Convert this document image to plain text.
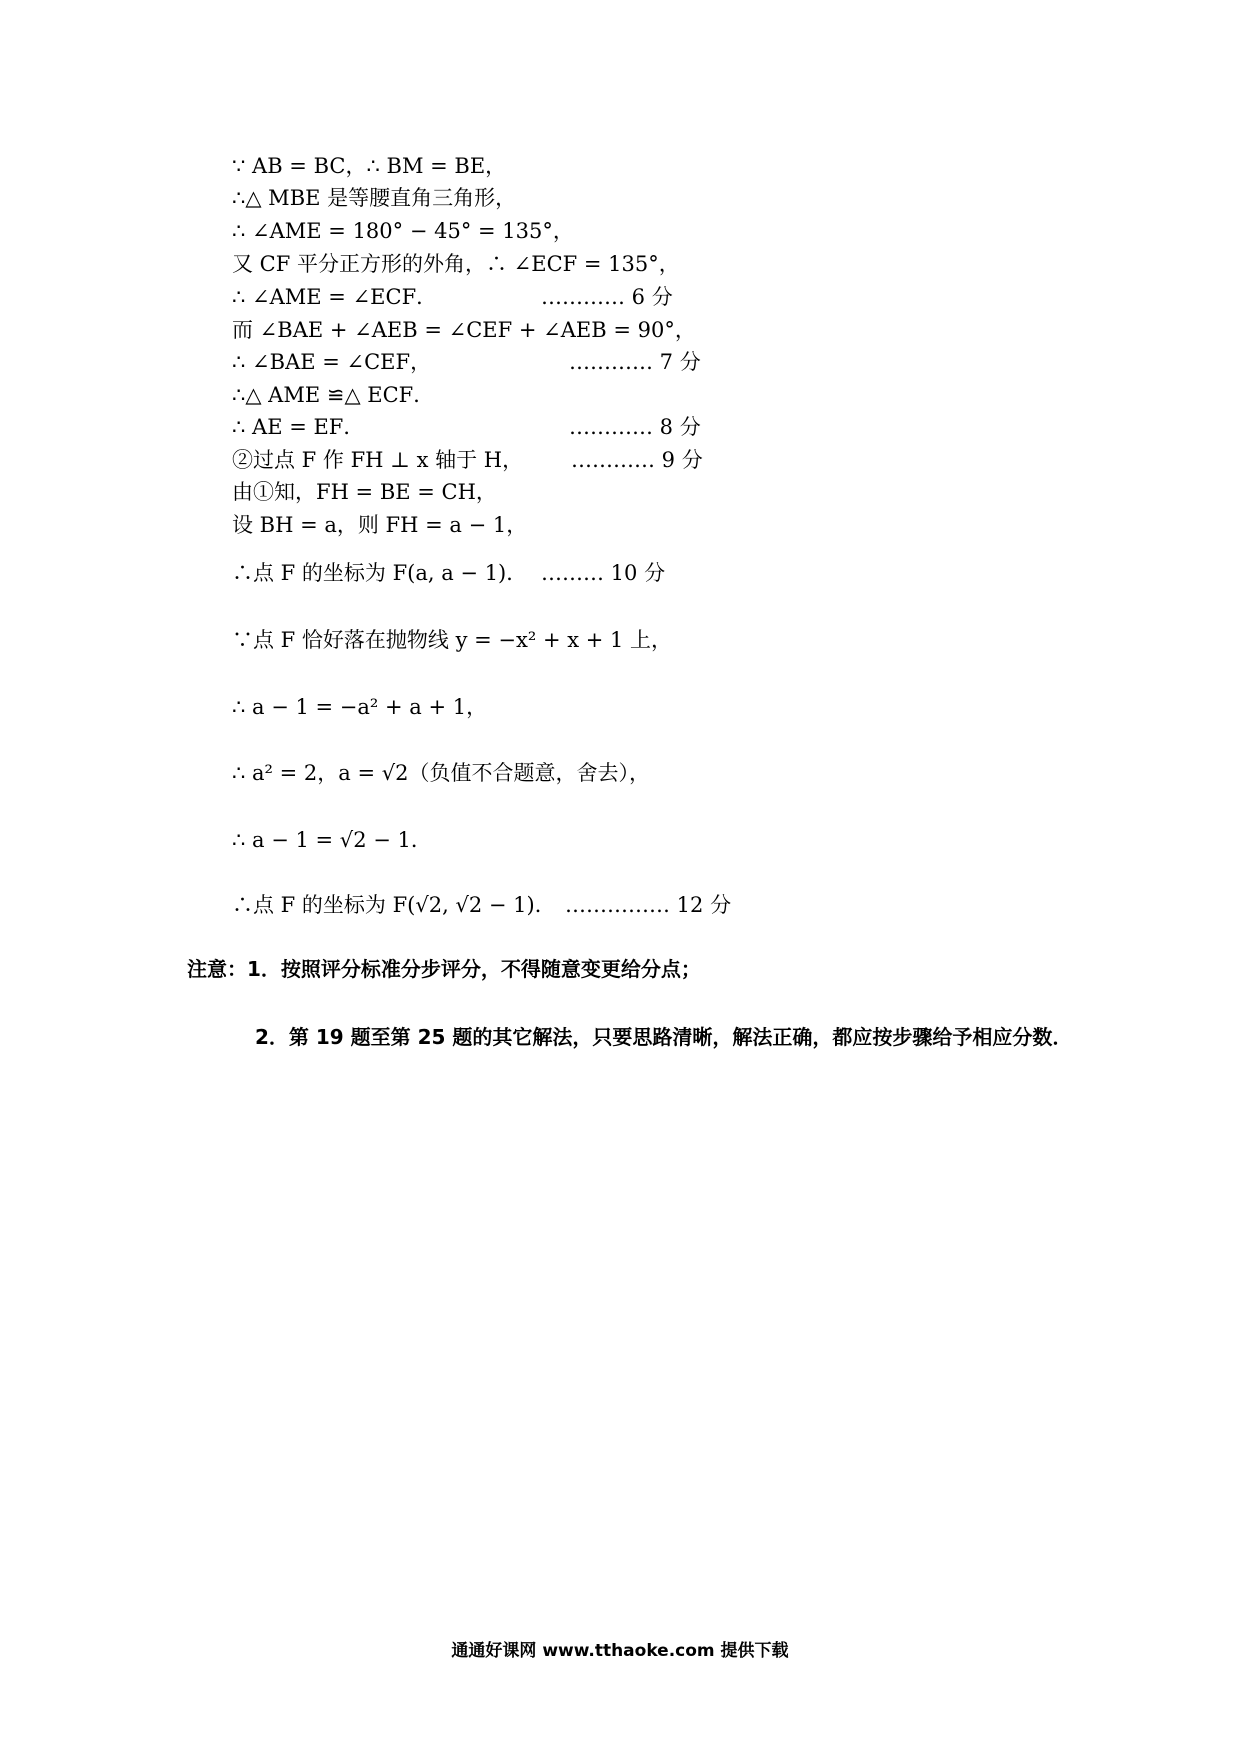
∵ AB = BC，∴ BM = BE，
∴△ MBE 是等腰直角三角形，
∴ ∠AME = 180° − 45° = 135°，
又 CF 平分正方形的外角，∴ ∠ECF = 135°，
∴ ∠AME = ∠ECF．
而 ∠BAE + ∠AEB = ∠CEF + ∠AEB = 90°，
∴ ∠BAE = ∠CEF，
∴△ AME ≌△ ECF．
∴ AE = EF．
②过点 F 作 FH ⊥ x 轴于 H，
由①知，FH = BE = CH，
设 BH = a，则 FH = a − 1，
∴点 F 的坐标为 F(a, a − 1)．
∵点 F 恰好落在抛物线 y = −x² + x + 1 上，
∴ a − 1 = −a² + a + 1，
∴ a² = 2，a = √2（负值不合题意，舍去），
∴ a − 1 = √2 − 1．
∴点 F 的坐标为 F(√2, √2 − 1)．
………… 6 分
………… 7 分
………… 8 分
………… 9 分
……… 10 分
…………… 12 分
注意：1．按照评分标准分步评分，不得随意变更给分点；
2．第 19 题至第 25 题的其它解法，只要思路清晰，解法正确，都应按步骤给予相应分数．
通通好课网 www.tthaoke.com 提供下载
